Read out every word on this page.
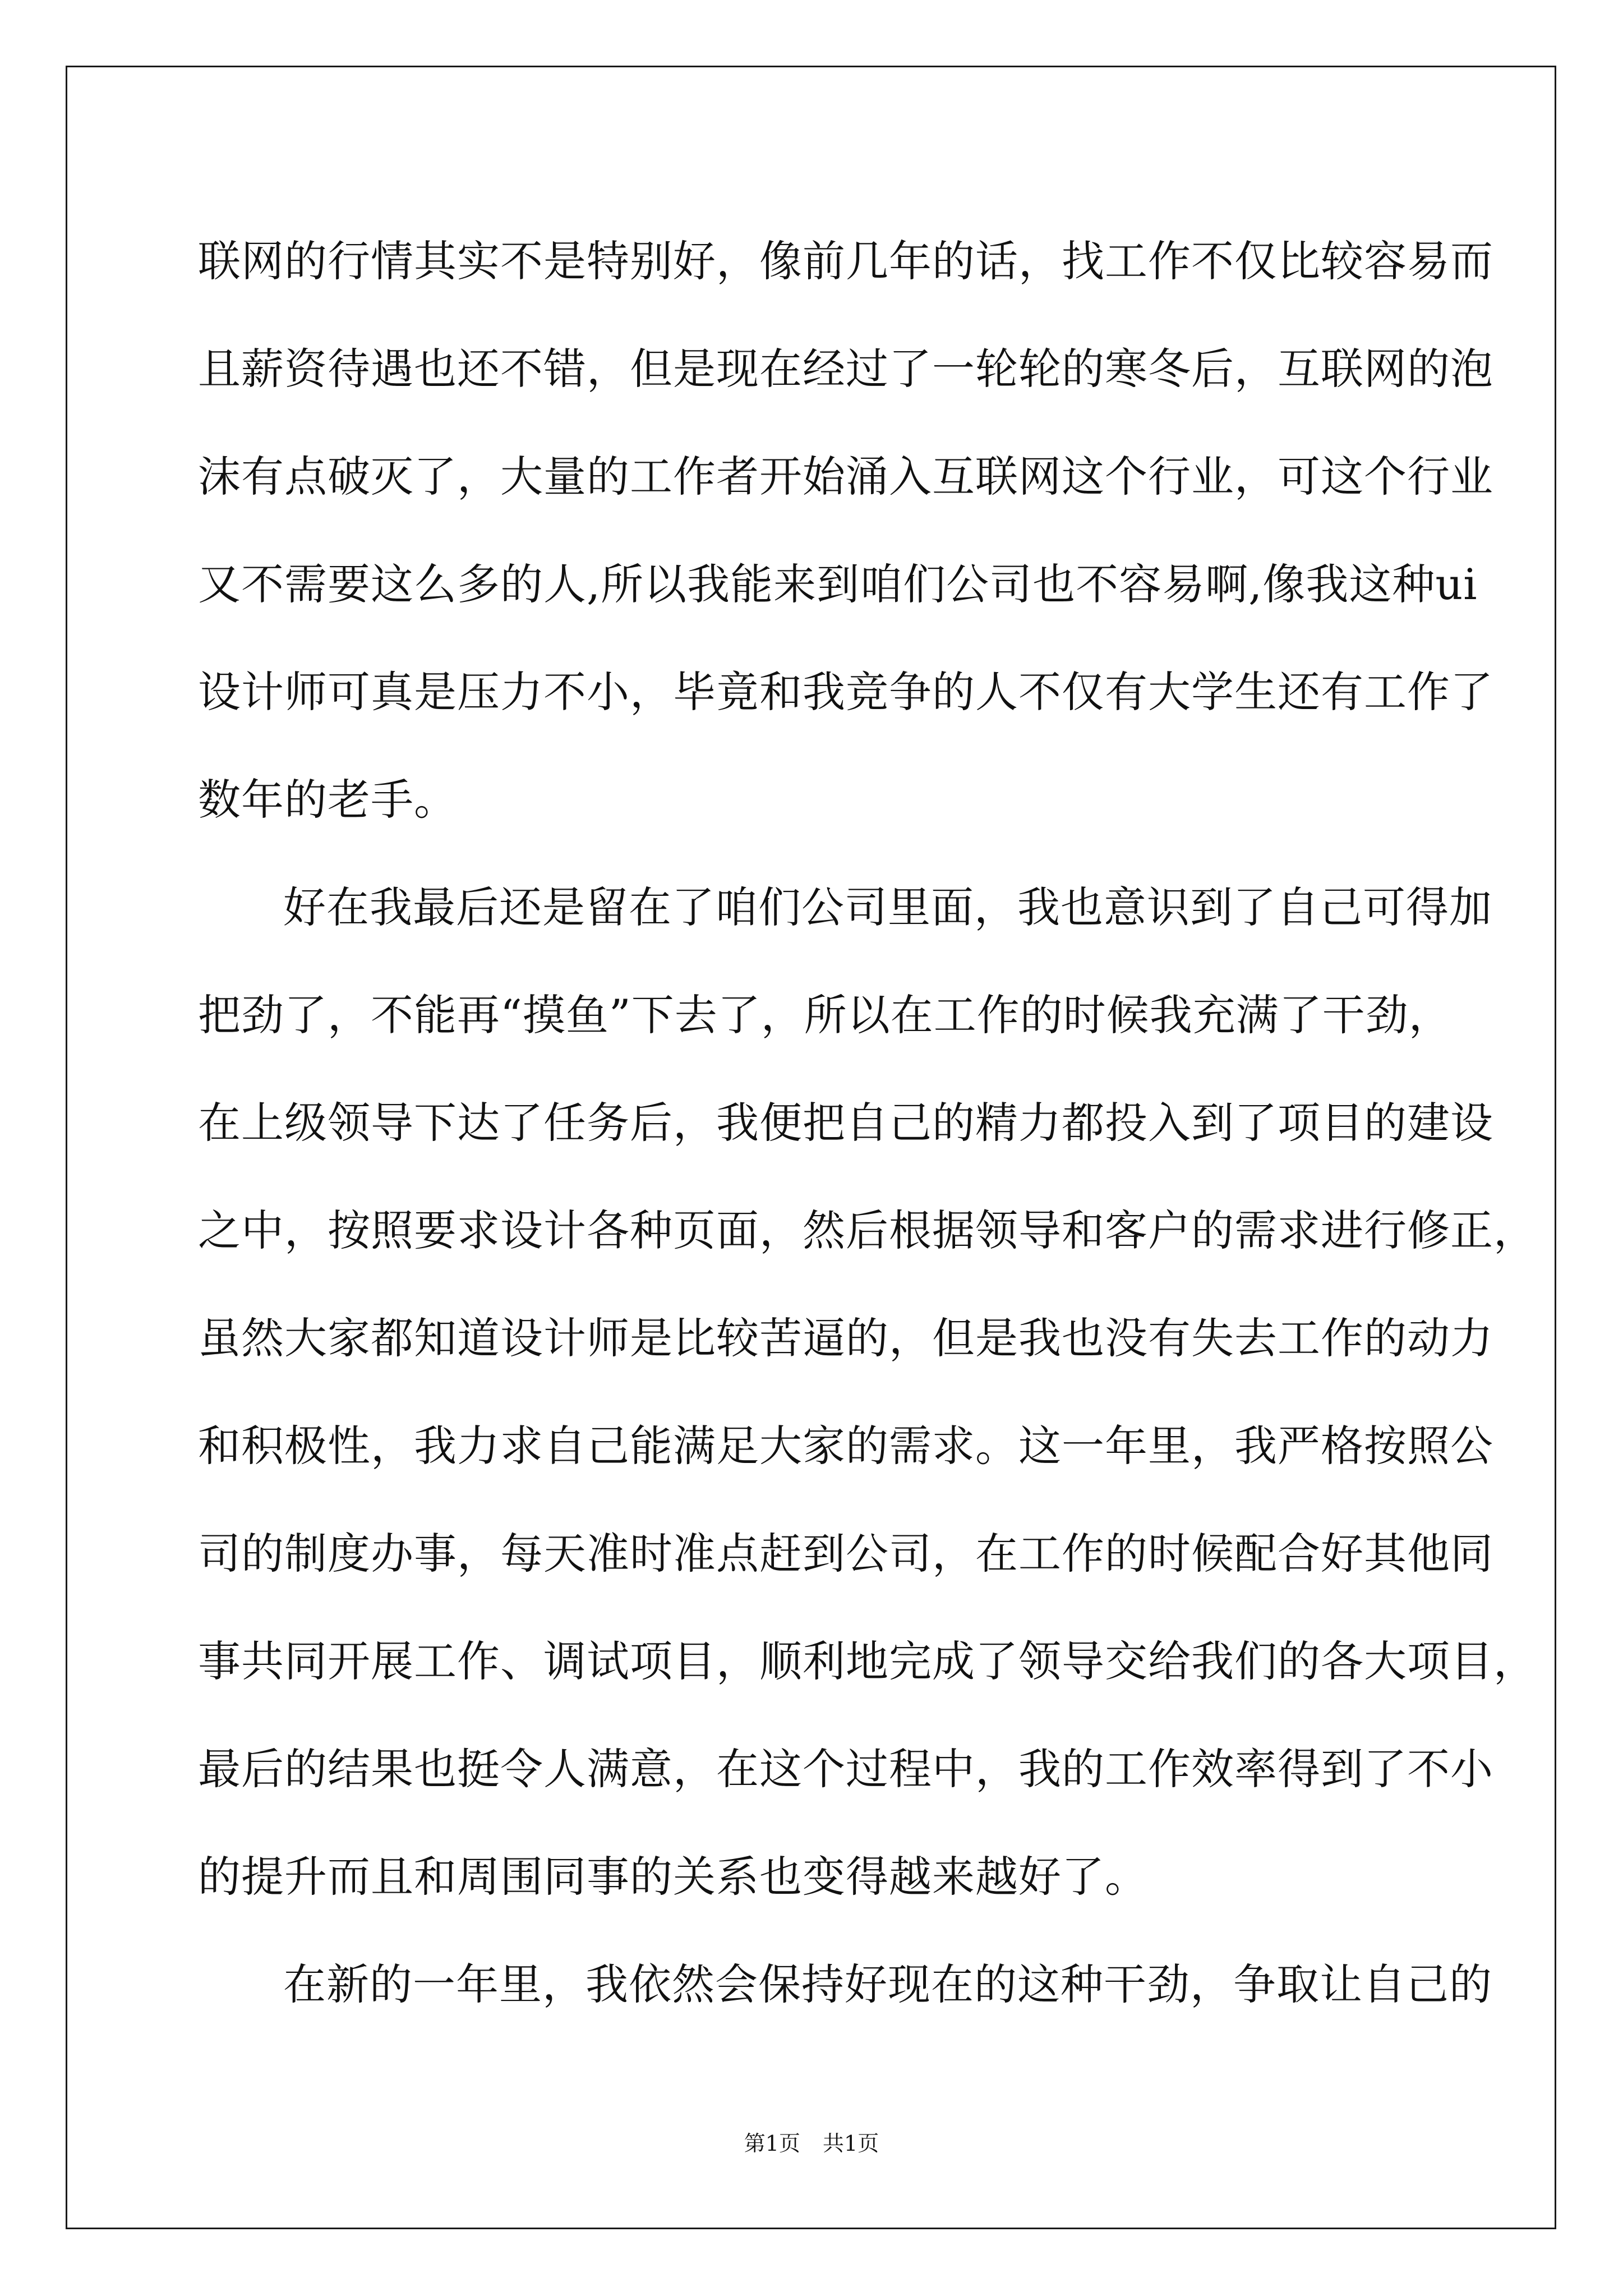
联网的行情其实不是特别好，像前几年的话，找工作不仅比较容易而
且薪资待遇也还不错，但是现在经过了一轮轮的寒冬后，互联网的泡
沫有点破灭了，大量的工作者开始涌入互联网这个行业，可这个行业
又不需要这么多的人,所以我能来到咱们公司也不容易啊,像我这种ui
设计师可真是压力不小，毕竟和我竞争的人不仅有大学生还有工作了
数年的老手。
好在我最后还是留在了咱们公司里面，我也意识到了自己可得加
把劲了，不能再“摸鱼”下去了，所以在工作的时候我充满了干劲，
在上级领导下达了任务后，我便把自己的精力都投入到了项目的建设
之中，按照要求设计各种页面，然后根据领导和客户的需求进行修正，
虽然大家都知道设计师是比较苦逼的，但是我也没有失去工作的动力
和积极性，我力求自己能满足大家的需求。这一年里，我严格按照公
司的制度办事，每天准时准点赶到公司，在工作的时候配合好其他同
事共同开展工作、调试项目，顺利地完成了领导交给我们的各大项目，
最后的结果也挺令人满意，在这个过程中，我的工作效率得到了不小
的提升而且和周围同事的关系也变得越来越好了。
在新的一年里，我依然会保持好现在的这种干劲，争取让自己的
第1页 共1页
